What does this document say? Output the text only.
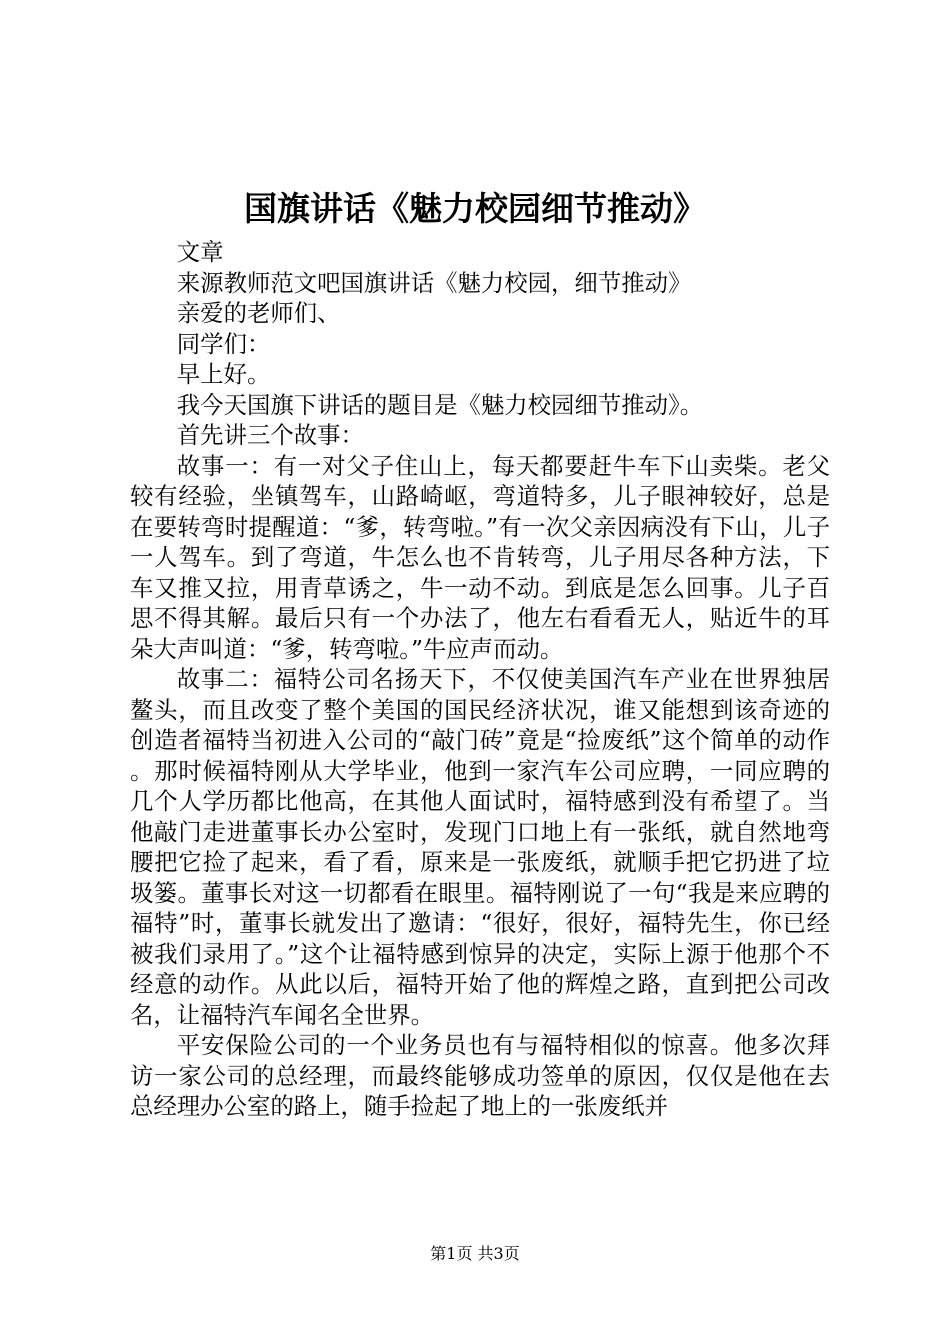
国旗讲话《魅力校园细节推动》

文章

来源教师范文吧国旗讲话《魅力校园，细节推动》

亲爱的老师们、

同学们：

早上好。

我今天国旗下讲话的题目是《魅力校园细节推动》。

首先讲三个故事：

故事一：有一对父子住山上，每天都要赶牛车下山卖柴。老父较有经验，坐镇驾车，山路崎岖，弯道特多，儿子眼神较好，总是在要转弯时提醒道：“爹，转弯啦。”有一次父亲因病没有下山，儿子一人驾车。到了弯道，牛怎么也不肯转弯，儿子用尽各种方法，下车又推又拉，用青草诱之，牛一动不动。到底是怎么回事。儿子百思不得其解。最后只有一个办法了，他左右看看无人，贴近牛的耳朵大声叫道：“爹，转弯啦。”牛应声而动。

故事二：福特公司名扬天下，不仅使美国汽车产业在世界独居鳌头，而且改变了整个美国的国民经济状况，谁又能想到该奇迹的创造者福特当初进入公司的“敲门砖”竟是“捡废纸”这个简单的动作。那时候福特刚从大学毕业，他到一家汽车公司应聘，一同应聘的几个人学历都比他高，在其他人面试时，福特感到没有希望了。当他敲门走进董事长办公室时，发现门口地上有一张纸，就自然地弯腰把它捡了起来，看了看，原来是一张废纸，就顺手把它扔进了垃圾篓。董事长对这一切都看在眼里。福特刚说了一句“我是来应聘的福特”时，董事长就发出了邀请：“很好，很好，福特先生，你已经被我们录用了。”这个让福特感到惊异的决定，实际上源于他那个不经意的动作。从此以后，福特开始了他的辉煌之路，直到把公司改名，让福特汽车闻名全世界。

平安保险公司的一个业务员也有与福特相似的惊喜。他多次拜访一家公司的总经理，而最终能够成功签单的原因，仅仅是他在去总经理办公室的路上，随手捡起了地上的一张废纸并

第1页 共3页
